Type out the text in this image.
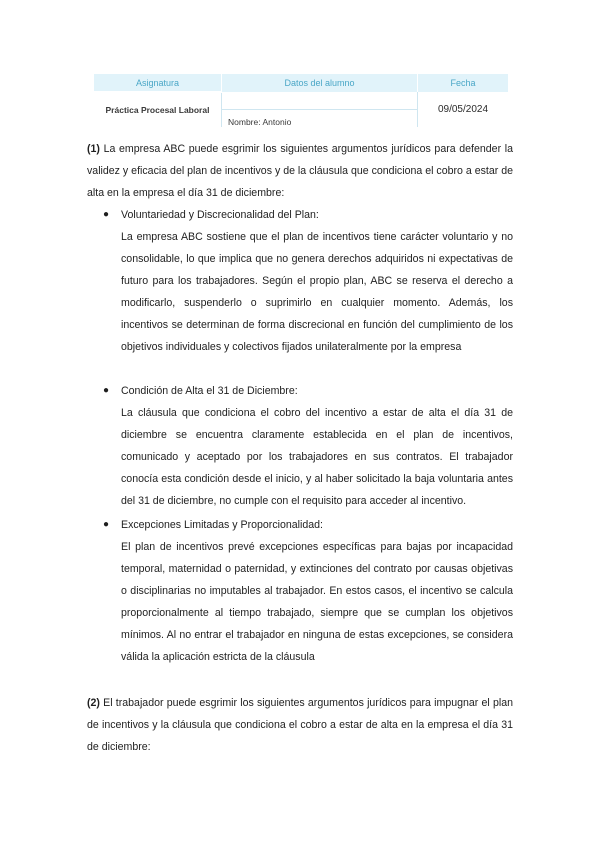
Asignatura	Datos del alumno	Fecha
Práctica Procesal Laboral		09/05/2024
	Nombre: Antonio	

(1) La empresa ABC puede esgrimir los siguientes argumentos jurídicos para defender la validez y eficacia del plan de incentivos y de la cláusula que condiciona el cobro a estar de alta en la empresa el día 31 de diciembre:

● Voluntariedad y Discrecionalidad del Plan:

La empresa ABC sostiene que el plan de incentivos tiene carácter voluntario y no consolidable, lo que implica que no genera derechos adquiridos ni expectativas de futuro para los trabajadores. Según el propio plan, ABC se reserva el derecho a modificarlo, suspenderlo o suprimirlo en cualquier momento. Además, los incentivos se determinan de forma discrecional en función del cumplimiento de los objetivos individuales y colectivos fijados unilateralmente por la empresa

● Condición de Alta el 31 de Diciembre:

La cláusula que condiciona el cobro del incentivo a estar de alta el día 31 de diciembre se encuentra claramente establecida en el plan de incentivos, comunicado y aceptado por los trabajadores en sus contratos. El trabajador conocía esta condición desde el inicio, y al haber solicitado la baja voluntaria antes del 31 de diciembre, no cumple con el requisito para acceder al incentivo.

● Excepciones Limitadas y Proporcionalidad:

El plan de incentivos prevé excepciones específicas para bajas por incapacidad temporal, maternidad o paternidad, y extinciones del contrato por causas objetivas o disciplinarias no imputables al trabajador. En estos casos, el incentivo se calcula proporcionalmente al tiempo trabajado, siempre que se cumplan los objetivos mínimos. Al no entrar el trabajador en ninguna de estas excepciones, se considera válida la aplicación estricta de la cláusula

(2) El trabajador puede esgrimir los siguientes argumentos jurídicos para impugnar el plan de incentivos y la cláusula que condiciona el cobro a estar de alta en la empresa el día 31 de diciembre:
